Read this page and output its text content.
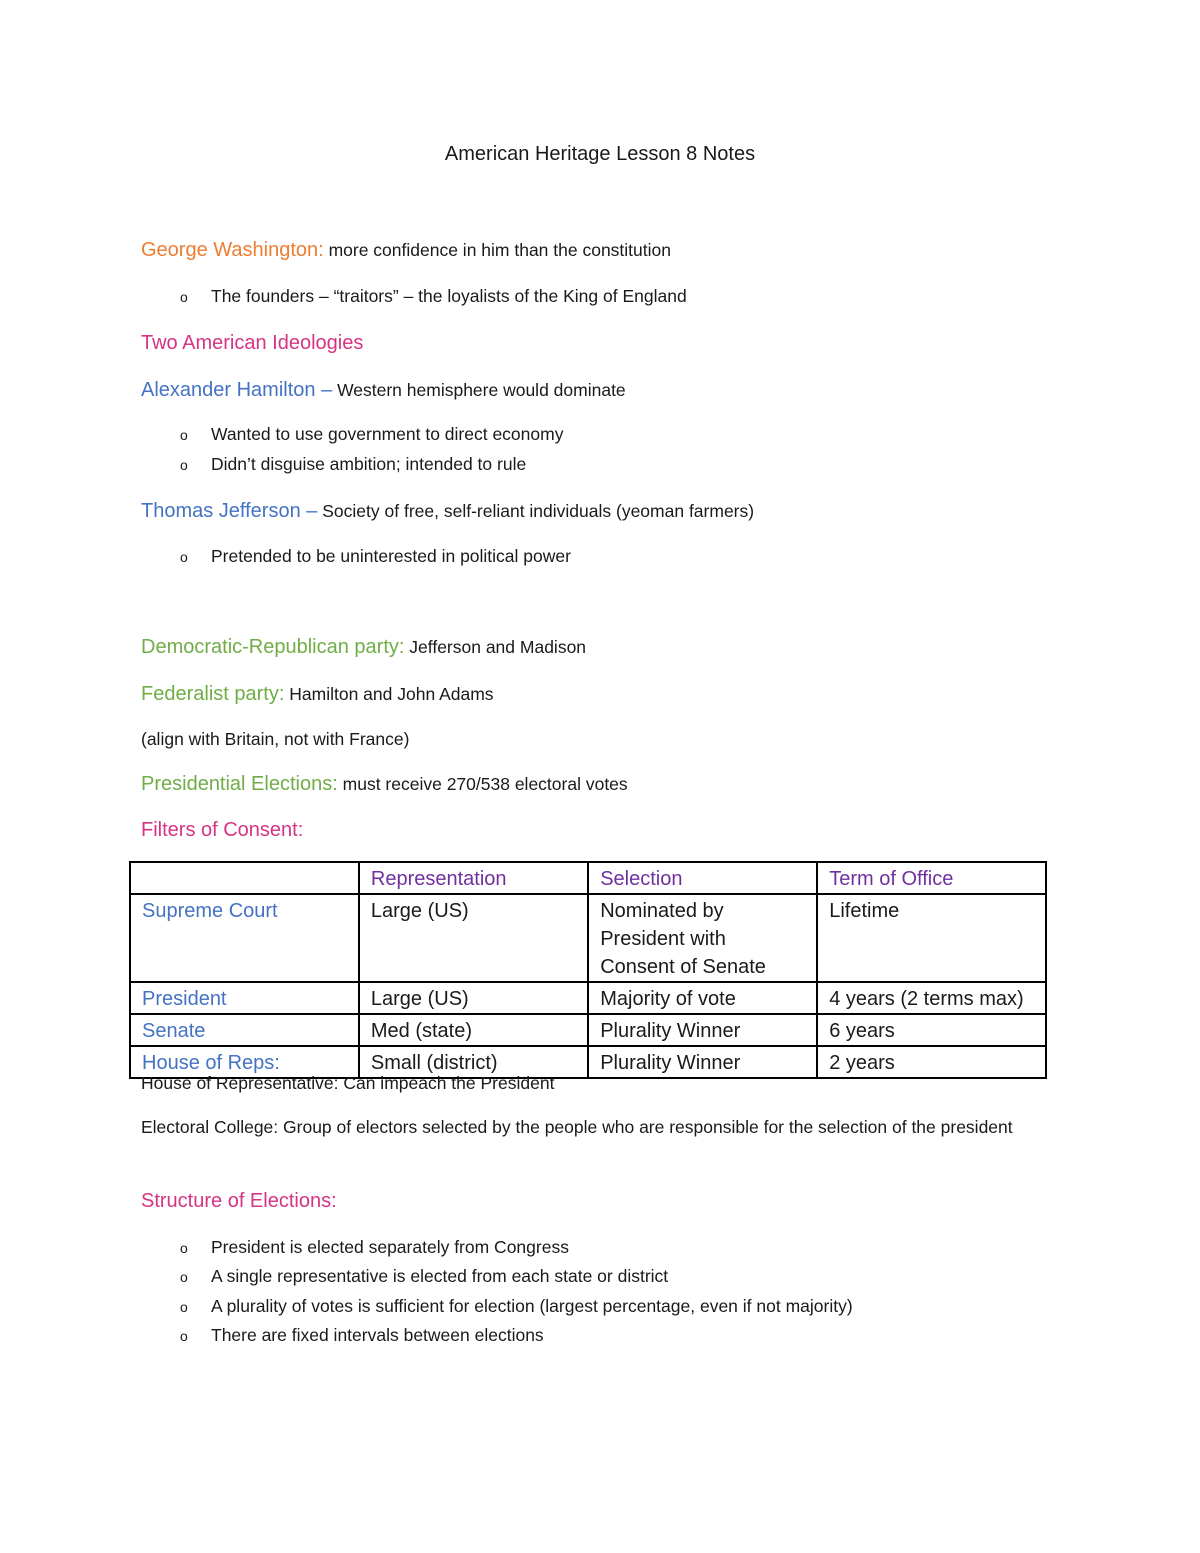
American Heritage Lesson 8 Notes
George Washington: more confidence in him than the constitution
o The founders – “traitors” – the loyalists of the King of England
Two American Ideologies
Alexander Hamilton – Western hemisphere would dominate
o Wanted to use government to direct economy
o Didn’t disguise ambition; intended to rule
Thomas Jefferson – Society of free, self-reliant individuals (yeoman farmers)
o Pretended to be uninterested in political power
Democratic-Republican party: Jefferson and Madison
Federalist party: Hamilton and John Adams
(align with Britain, not with France)
Presidential Elections: must receive 270/538 electoral votes
Filters of Consent:
	Representation	Selection	Term of Office
Supreme Court	Large (US)	Nominated by
President with
Consent of Senate	Lifetime
President	Large (US)	Majority of vote	4 years (2 terms max)
Senate	Med (state)	Plurality Winner	6 years
House of Reps:	Small (district)	Plurality Winner	2 years
House of Representative: Can impeach the President
Electoral College: Group of electors selected by the people who are responsible for the selection of the president
Structure of Elections:
o President is elected separately from Congress
o A single representative is elected from each state or district
o A plurality of votes is sufficient for election (largest percentage, even if not majority)
o There are fixed intervals between elections
